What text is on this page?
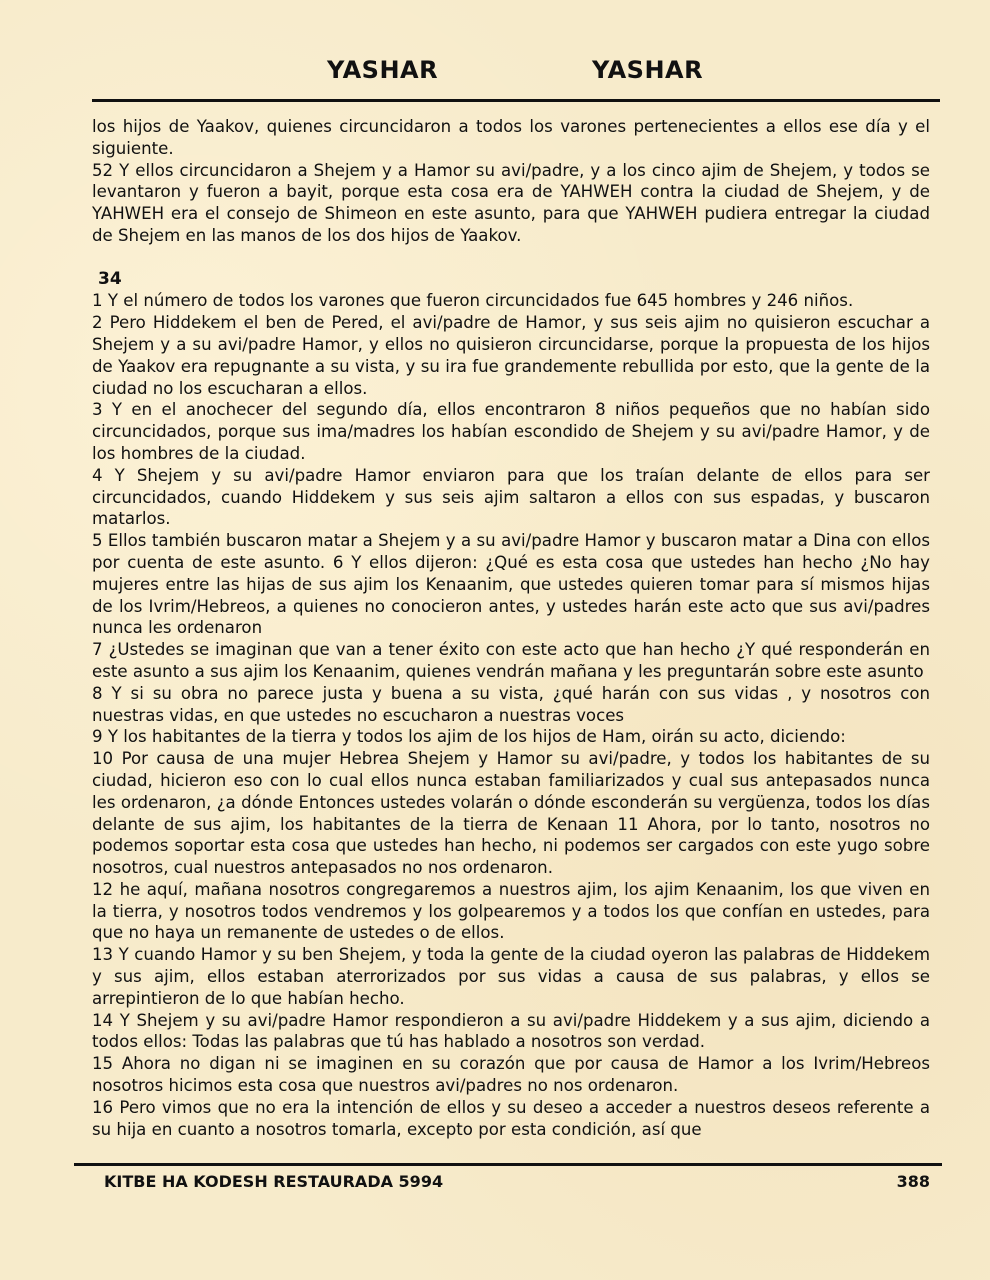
YASHAR	YASHAR

los hijos de Yaakov, quienes circuncidaron a todos los varones pertenecientes a ellos ese día y el siguiente.

52 Y ellos circuncidaron a Shejem y a Hamor su avi/padre, y a los cinco ajim de Shejem, y todos se levantaron y fueron a bayit, porque esta cosa era de YAHWEH contra la ciudad de Shejem, y de YAHWEH era el consejo de Shimeon en este asunto, para que YAHWEH pudiera entregar la ciudad de Shejem en las manos de los dos hijos de Yaakov.

34

1 Y el número de todos los varones que fueron circuncidados fue 645 hombres y 246 niños.

2 Pero Hiddekem el ben de Pered, el avi/padre de Hamor, y sus seis ajim no quisieron escuchar a Shejem y a su avi/padre Hamor, y ellos no quisieron circuncidarse, porque la propuesta de los hijos de Yaakov era repugnante a su vista, y su ira fue grandemente rebullida por esto, que la gente de la ciudad no los escucharan a ellos.

3 Y en el anochecer del segundo día, ellos encontraron 8 niños pequeños que no habían sido circuncidados, porque sus ima/madres los habían escondido de Shejem y su avi/padre Hamor, y de los hombres de la ciudad.

4 Y Shejem y su avi/padre Hamor enviaron para que los traían delante de ellos para ser circuncidados, cuando Hiddekem y sus seis ajim saltaron a ellos con sus espadas, y buscaron matarlos.

5 Ellos también buscaron matar a Shejem y a su avi/padre Hamor y buscaron matar a Dina con ellos por cuenta de este asunto. 6 Y ellos dijeron: ¿Qué es esta cosa que ustedes han hecho ¿No hay mujeres entre las hijas de sus ajim los Kenaanim, que ustedes quieren tomar para sí mismos hijas de los Ivrim/Hebreos, a quienes no conocieron antes, y ustedes harán este acto que sus avi/padres nunca les ordenaron

7 ¿Ustedes se imaginan que van a tener éxito con este acto que han hecho ¿Y qué responderán en este asunto a sus ajim los Kenaanim, quienes vendrán mañana y les preguntarán sobre este asunto

8 Y si su obra no parece justa y buena a su vista, ¿qué harán con sus vidas , y nosotros con nuestras vidas, en que ustedes no escucharon a nuestras voces

9 Y los habitantes de la tierra y todos los ajim de los hijos de Ham, oirán su acto, diciendo:

10 Por causa de una mujer Hebrea Shejem y Hamor su avi/padre, y todos los habitantes de su ciudad, hicieron eso con lo cual ellos nunca estaban familiarizados y cual sus antepasados nunca les ordenaron, ¿a dónde Entonces ustedes volarán o dónde esconderán su vergüenza, todos los días delante de sus ajim, los habitantes de la tierra de Kenaan 11 Ahora, por lo tanto, nosotros no podemos soportar esta cosa que ustedes han hecho, ni podemos ser cargados con este yugo sobre nosotros, cual nuestros antepasados no nos ordenaron.

12 he aquí, mañana nosotros congregaremos a nuestros ajim, los ajim Kenaanim, los que viven en la tierra, y nosotros todos vendremos y los golpearemos y a todos los que confían en ustedes, para que no haya un remanente de ustedes o de ellos.

13 Y cuando Hamor y su ben Shejem, y toda la gente de la ciudad oyeron las palabras de Hiddekem y sus ajim, ellos estaban aterrorizados por sus vidas a causa de sus palabras, y ellos se arrepintieron de lo que habían hecho.

14 Y Shejem y su avi/padre Hamor respondieron a su avi/padre Hiddekem y a sus ajim, diciendo a todos ellos: Todas las palabras que tú has hablado a nosotros son verdad.

15 Ahora no digan ni se imaginen en su corazón que por causa de Hamor a los Ivrim/Hebreos nosotros hicimos esta cosa que nuestros avi/padres no nos ordenaron.

16 Pero vimos que no era la intención de ellos y su deseo a acceder a nuestros deseos referente a su hija en cuanto a nosotros tomarla, excepto por esta condición, así que

KITBE HA KODESH RESTAURADA 5994	388
